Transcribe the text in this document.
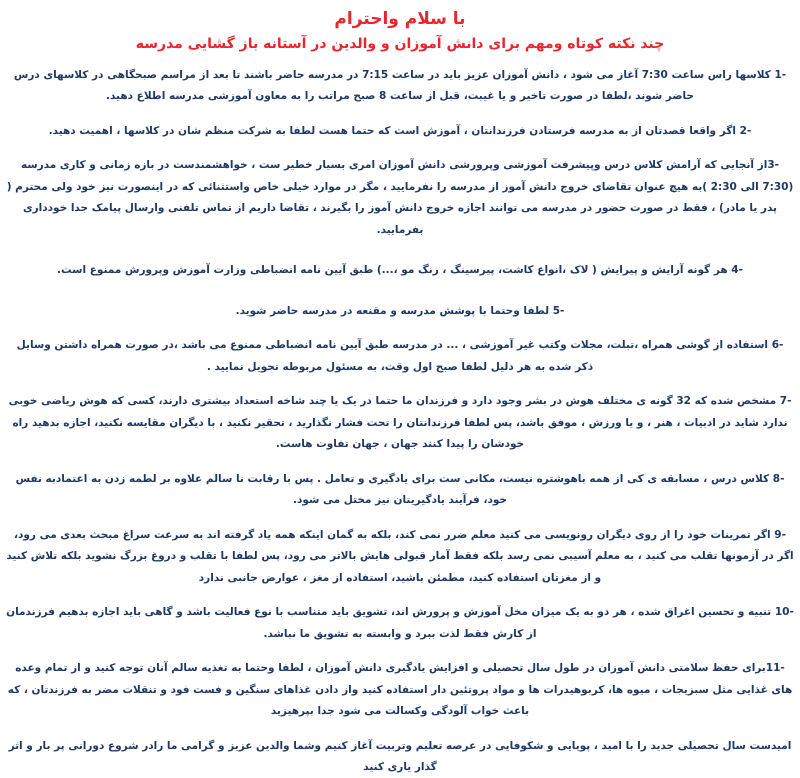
با سلام واحترام
چند نکته کوتاه ومهم برای دانش آموزان و والدین در آستانه باز گشایی مدرسه

-1 کلاسها راس ساعت 7:30 آغاز می شود ، دانش آموزان عزیز باید در ساعت 7:15 در مدرسه حاضر باشند تا بعد از مراسم صبحگاهی در کلاسهای درس حاضر شوند ،لطفا در صورت تاخیر و یا غیبت، قبل از ساعت 8 صبح مراتب را به معاون آموزشی مدرسه اطلاع دهید.

-2 اگر واقعا قصدتان از به مدرسه فرستادن فرزندانتان ، آموزش است که حتما هست لطفا به شرکت منظم شان در کلاسها ، اهمیت دهید.

-3از آنجایی که آرامش کلاس درس وپیشرفت آموزشی وپرورشی دانش آموزان امری بسیار خطیر ست ، خواهشمندست در بازه زمانی و کاری مدرسه (7:30 الی 2:30 )به هیچ عنوان تقاضای خروج دانش آموز از مدرسه را نفرمایید ، مگر در موارد خیلی خاص واستثنائی که در اینصورت نیز خود ولی محترم ( پدر یا مادر) ، فقط در صورت حضور در مدرسه می توانند اجازه خروج دانش آموز را بگیرند ، تقاضا داریم از تماس تلفنی وارسال پیامک جدا خودداری بفرمایید.

-4 هر گونه آرایش و پیرایش ( لاک ،انواع کاشت، پیرسینگ ، رنگ مو ،...) طبق آیین نامه انضباطی وزارت آموزش وپرورش ممنوع است.

-5 لطفا وحتما با پوشش مدرسه و مقنعه در مدرسه حاضر شوید.

-6 استفاده از گوشی همراه ،تبلت، مجلات وکتب غیر آموزشی ، ... در مدرسه طبق آیین نامه انضباطی ممنوع می باشد ،در صورت همراه داشتن وسایل ذکر شده به هر دلیل لطفا صبح اول وقت، به مسئول مربوطه تحویل نمایید .

-7 مشخص شده که 32 گونه ی مختلف هوش در بشر وجود دارد و فرزندان ما حتما در یک یا چند شاخه استعداد بیشتری دارند، کسی که هوش ریاضی خوبی ندارد شاید در ادبیات ، هنر ، و یا ورزش ، موفق باشد، پس لطفا فرزندانتان را تحت فشار نگذارید ، تحقیر نکنید ، با دیگران مقایسه نکنید، اجازه بدهید راه خودشان را پیدا کنند جهان ، جهان تفاوت هاست.

-8 کلاس درس ، مسابقه ی کی از همه باهوشتره نیست، مکانی ست برای یادگیری و تعامل . پس با رقابت نا سالم علاوه بر لطمه زدن به اعتمادبه نفس خود، فرآیند یادگیریتان نیز مختل می شود.

-9 اگر تمرینات خود را از روی دیگران رونویسی می کنید معلم ضرر نمی کند، بلکه به گمان اینکه همه یاد گرفته اند به سرعت سراغ مبحث بعدی می رود، اگر در آزمونها تقلب می کنید ، به معلم آسیبی نمی رسد بلکه فقط آمار قبولی هایش بالاتر می رود، پس لطفا با تقلب و دروغ بزرگ نشوید بلکه تلاش کنید و از مغزتان استفاده کنید، مطمئن باشید، استفاده از مغز ، عوارض جانبی ندارد

-10 تنبیه و تحسین اغراق شده ، هر دو به یک میزان مخل آموزش و پرورش اند، تشویق باید متناسب با نوع فعالیت باشد و گاهی باید اجازه بدهیم فرزندمان از کارش فقط لذت ببرد و وابسته به تشویق ما نباشد.

-11برای حفظ سلامتی دانش آموزان در طول سال تحصیلی و افزایش یادگیری دانش آموزان ، لطفا وحتما به تغذیه سالم آنان توجه کنید و از تمام وعده های غذایی مثل سبزیجات ، میوه ها، کربوهیدرات ها و مواد پروتئین دار استفاده کنید واز دادن غذاهای سنگین و فست فود و تنقلات مضر به فرزندتان ، که باعث خواب آلودگی وکسالت می شود جدا بپرهیزید

امیدست سال تحصیلی جدید را با امید ، پویایی و شکوفایی در عرصه تعلیم وتربیت آغاز کنیم وشما والدین عزیز و گرامی ما رادر شروع دورانی پر بار و اثر گذار یاری کنید
